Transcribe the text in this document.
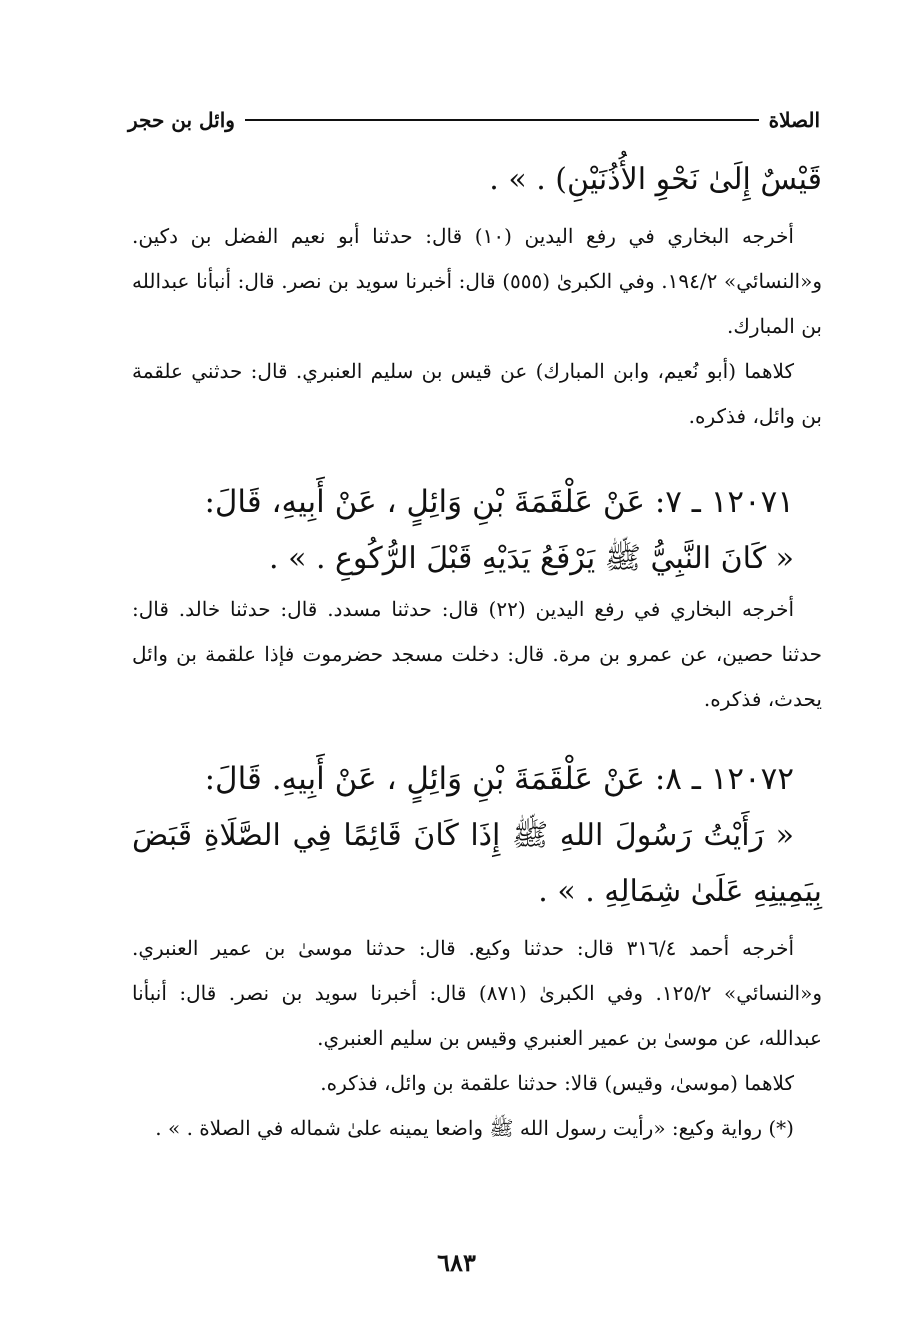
الصلاة
وائل بن حجر

قَيْسٌ إِلَىٰ نَحْوِ الأُذُنَيْنِ) . » .

أخرجه البخاري في رفع اليدين (١٠) قال: حدثنا أبو نعيم الفضل بن دكين. و«النسائي» ١٩٤/٢. وفي الكبرىٰ (٥٥٥) قال: أخبرنا سويد بن نصر. قال: أنبأنا عبدالله بن المبارك.

كلاهما (أبو نُعيم، وابن المبارك) عن قيس بن سليم العنبري. قال: حدثني علقمة بن وائل، فذكره.

١٢٠٧١ ـ ٧: عَنْ عَلْقَمَةَ بْنِ وَائِلٍ ، عَنْ أَبِيهِ، قَالَ:

« كَانَ النَّبِيُّ ﷺ يَرْفَعُ يَدَيْهِ قَبْلَ الرُّكُوعِ . » .

أخرجه البخاري في رفع اليدين (٢٢) قال: حدثنا مسدد. قال: حدثنا خالد. قال: حدثنا حصين، عن عمرو بن مرة. قال: دخلت مسجد حضرموت فإذا علقمة بن وائل يحدث، فذكره.

١٢٠٧٢ ـ ٨: عَنْ عَلْقَمَةَ بْنِ وَائِلٍ ، عَنْ أَبِيهِ. قَالَ:

« رَأَيْتُ رَسُولَ اللهِ ﷺ إِذَا كَانَ قَائِمًا فِي الصَّلَاةِ قَبَضَ بِيَمِينِهِ عَلَىٰ شِمَالِهِ . » .

أخرجه أحمد ٣١٦/٤ قال: حدثنا وكيع. قال: حدثنا موسىٰ بن عمير العنبري. و«النسائي» ١٢٥/٢. وفي الكبرىٰ (٨٧١) قال: أخبرنا سويد بن نصر. قال: أنبأنا عبدالله، عن موسىٰ بن عمير العنبري وقيس بن سليم العنبري.

كلاهما (موسىٰ، وقيس) قالا: حدثنا علقمة بن وائل، فذكره.

(*) رواية وكيع: «رأيت رسول الله ﷺ واضعا يمينه علىٰ شماله في الصلاة . » .

٦٨٣
